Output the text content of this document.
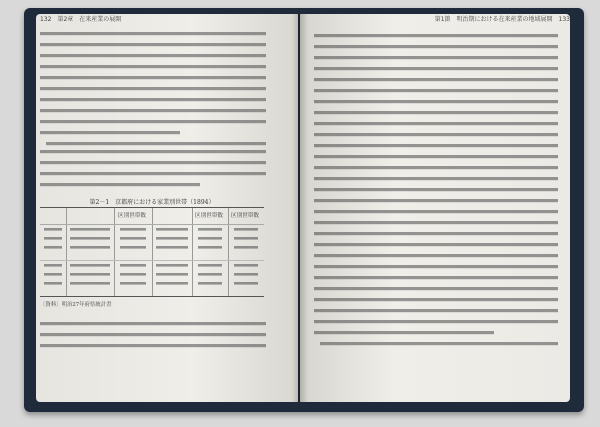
132　第2章　在来産業の展開	第1節　明治期における在来産業の地域展開　133
第2－1　京都府における家業別世帯（1894）
区別世帯数	区別世帯数 区別世帯数
〔資料〕明治27年府県統計書
